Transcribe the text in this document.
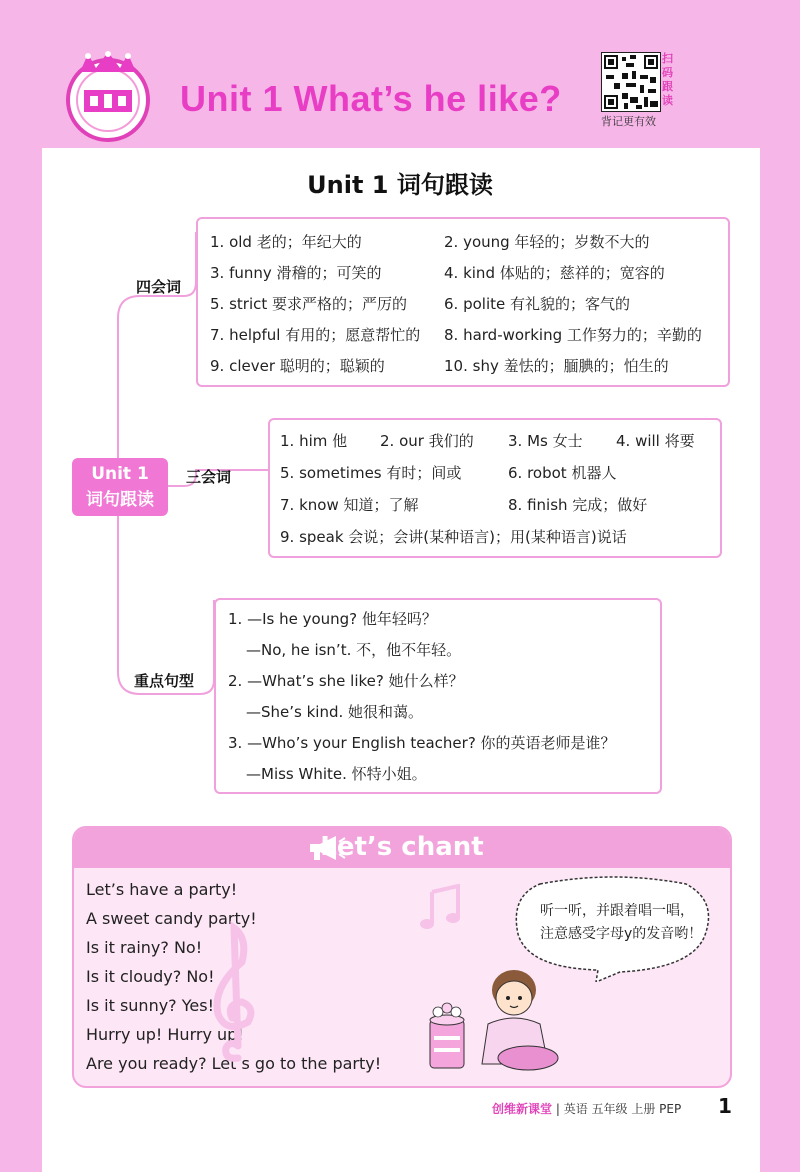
Unit 1 What’s he like?
扫码跟读
背记更有效
Unit 1 词句跟读
四会词
三会词
重点句型
Unit 1
词句跟读
1. old 老的；年纪大的	2. young 年轻的；岁数不大的
3. funny 滑稽的；可笑的	4. kind 体贴的；慈祥的；宽容的
5. strict 要求严格的；严厉的 6. polite 有礼貌的；客气的
7. helpful 有用的；愿意帮忙的 8. hard-working 工作努力的；辛勤的
9. clever 聪明的；聪颖的	10. shy 羞怯的；腼腆的；怕生的
1. him 他 2. our 我们的 3. Ms 女士 4. will 将要
5. sometimes 有时；间或	6. robot 机器人
7. know 知道；了解	8. finish 完成；做好
9. speak 会说；会讲(某种语言)；用(某种语言)说话
1. —Is he young? 他年轻吗？
—No, he isn’t. 不，他不年轻。
2. —What’s she like? 她什么样？
—She’s kind. 她很和蔼。
3. —Who’s your English teacher? 你的英语老师是谁？
—Miss White. 怀特小姐。
Let’s chant
Let’s have a party!
A sweet candy party!
Is it rainy? No!
Is it cloudy? No!
Is it sunny? Yes!
Hurry up! Hurry up!
Are you ready? Let’s go to the party!
听一听，并跟着唱一唱，注意感受字母y的发音哟！
创维新课堂 | 英语 五年级 上册 PEP 1
